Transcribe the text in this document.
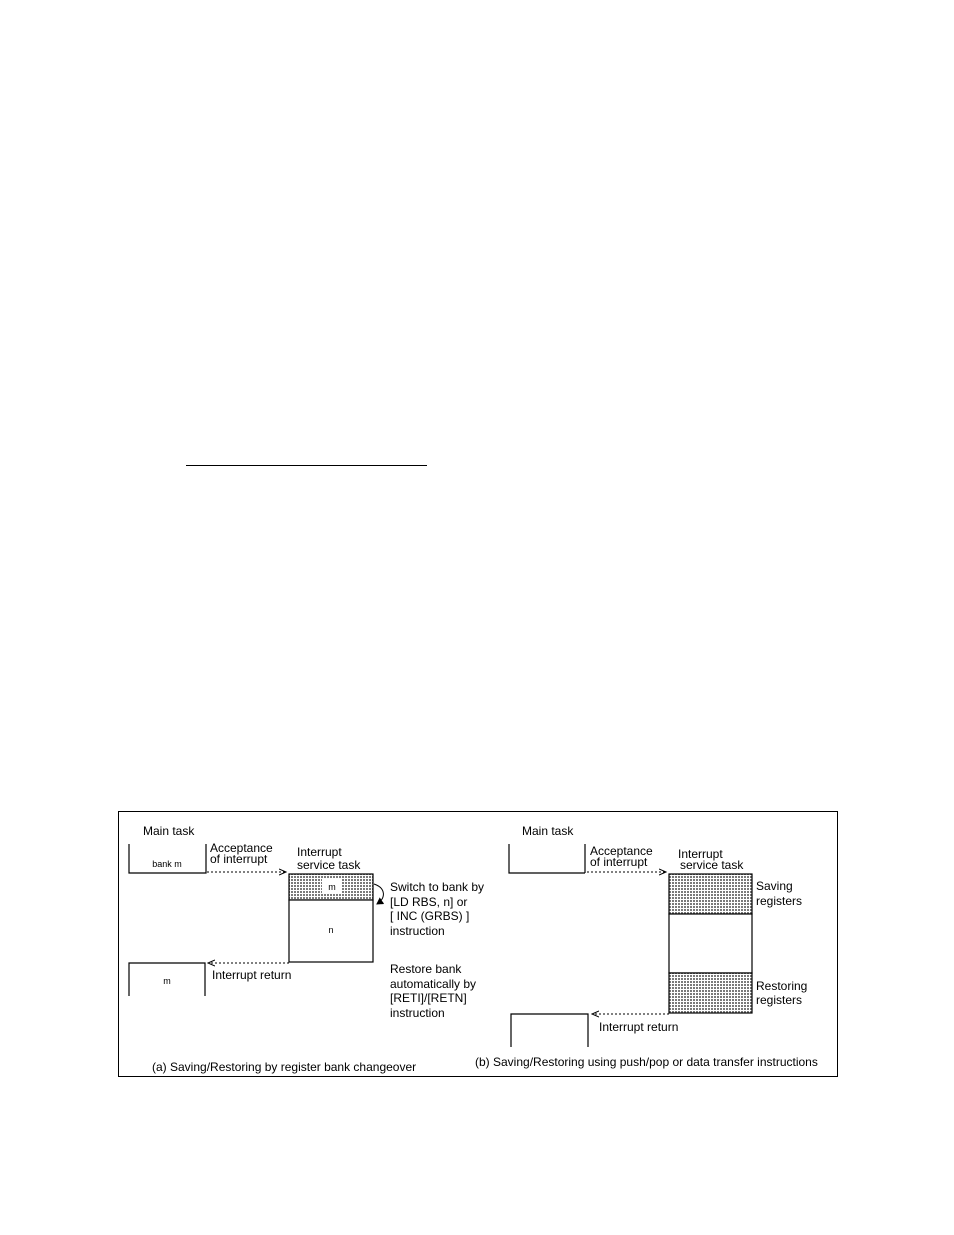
Main task
bank m
Acceptance
of interrupt Interrupt
service task
m
n
Switch to bank by
[LD RBS, n] or
[ INC (GRBS) ]
instruction
Interrupt return
m
Restore bank
automatically by
[RETI]/[RETN]
instruction
(a) Saving/Restoring by register bank changeover
Main task
Acceptance
of interrupt
Interrupt
service task
Saving
registers
Restoring
registers
Interrupt return
(b) Saving/Restoring using push/pop or data transfer instructions
